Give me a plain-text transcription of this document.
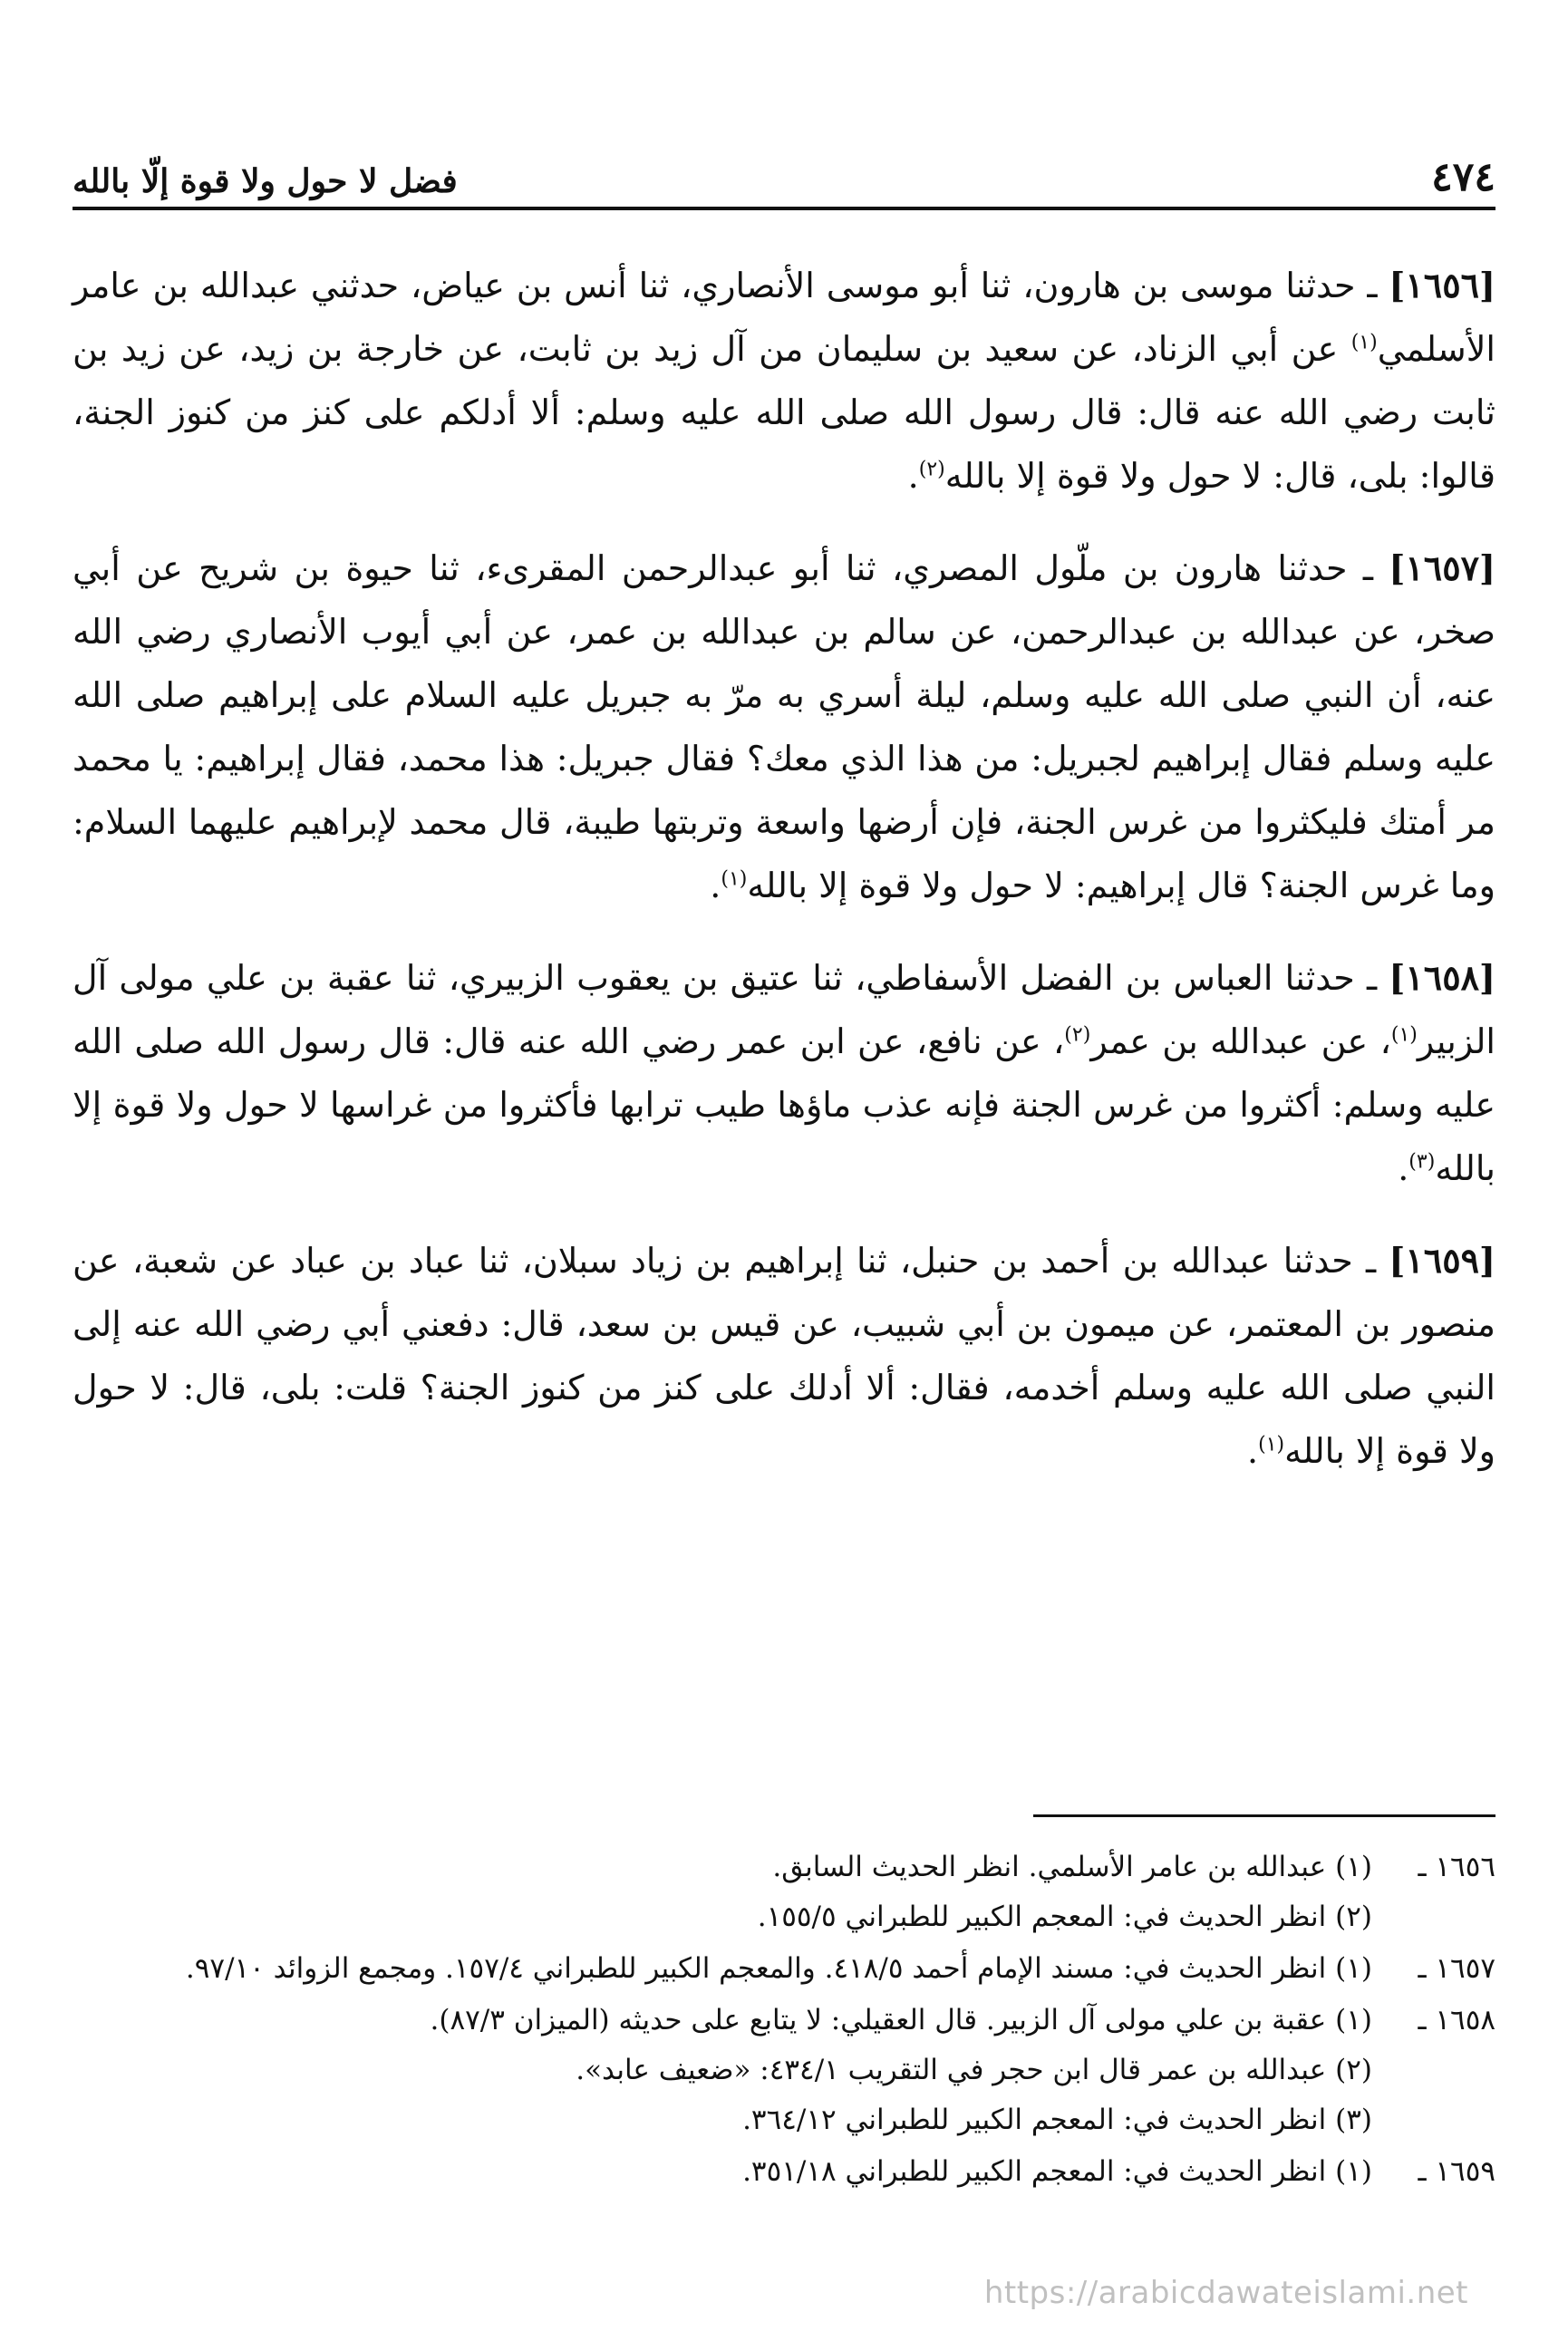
٤٧٤
فضل لا حول ولا قوة إلّا بالله

[١٦٥٦] ـ حدثنا موسى بن هارون، ثنا أبو موسى الأنصاري، ثنا أنس بن عياض، حدثني عبدالله بن عامر الأسلمي$^{(١)}$ عن أبي الزناد، عن سعيد بن سليمان من آل زيد بن ثابت، عن خارجة بن زيد، عن زيد بن ثابت رضي الله عنه قال: قال رسول الله صلى الله عليه وسلم: ألا أدلكم على كنز من كنوز الجنة، قالوا: بلى، قال: لا حول ولا قوة إلا بالله$^{(٢)}$.

[١٦٥٧] ـ حدثنا هارون بن ملّول المصري، ثنا أبو عبدالرحمن المقرىء، ثنا حيوة بن شريح عن أبي صخر، عن عبدالله بن عبدالرحمن، عن سالم بن عبدالله بن عمر، عن أبي أيوب الأنصاري رضي الله عنه، أن النبي صلى الله عليه وسلم، ليلة أسري به مرّ به جبريل عليه السلام على إبراهيم صلى الله عليه وسلم فقال إبراهيم لجبريل: من هذا الذي معك؟ فقال جبريل: هذا محمد، فقال إبراهيم: يا محمد مر أمتك فليكثروا من غرس الجنة، فإن أرضها واسعة وتربتها طيبة، قال محمد لإبراهيم عليهما السلام: وما غرس الجنة؟ قال إبراهيم: لا حول ولا قوة إلا بالله$^{(١)}$.

[١٦٥٨] ـ حدثنا العباس بن الفضل الأسفاطي، ثنا عتيق بن يعقوب الزبيري، ثنا عقبة بن علي مولى آل الزبير$^{(١)}$، عن عبدالله بن عمر$^{(٢)}$، عن نافع، عن ابن عمر رضي الله عنه قال: قال رسول الله صلى الله عليه وسلم: أكثروا من غرس الجنة فإنه عذب ماؤها طيب ترابها فأكثروا من غراسها لا حول ولا قوة إلا بالله$^{(٣)}$.

[١٦٥٩] ـ حدثنا عبدالله بن أحمد بن حنبل، ثنا إبراهيم بن زياد سبلان، ثنا عباد بن عباد عن شعبة، عن منصور بن المعتمر، عن ميمون بن أبي شبيب، عن قيس بن سعد، قال: دفعني أبي رضي الله عنه إلى النبي صلى الله عليه وسلم أخدمه، فقال: ألا أدلك على كنز من كنوز الجنة؟ قلت: بلى، قال: لا حول ولا قوة إلا بالله$^{(١)}$.

١٦٥٦ ـ
(١) عبدالله بن عامر الأسلمي. انظر الحديث السابق.
(٢) انظر الحديث في: المعجم الكبير للطبراني ١٥٥/٥.
١٦٥٧ ـ
(١) انظر الحديث في: مسند الإمام أحمد ٤١٨/٥. والمعجم الكبير للطبراني ١٥٧/٤. ومجمع الزوائد ٩٧/١٠.
١٦٥٨ ـ
(١) عقبة بن علي مولى آل الزبير. قال العقيلي: لا يتابع على حديثه (الميزان ٨٧/٣).
(٢) عبدالله بن عمر قال ابن حجر في التقريب ٤٣٤/١: «ضعيف عابد».
(٣) انظر الحديث في: المعجم الكبير للطبراني ٣٦٤/١٢.
١٦٥٩ ـ
(١) انظر الحديث في: المعجم الكبير للطبراني ٣٥١/١٨.
https://arabicdawateislami.net
